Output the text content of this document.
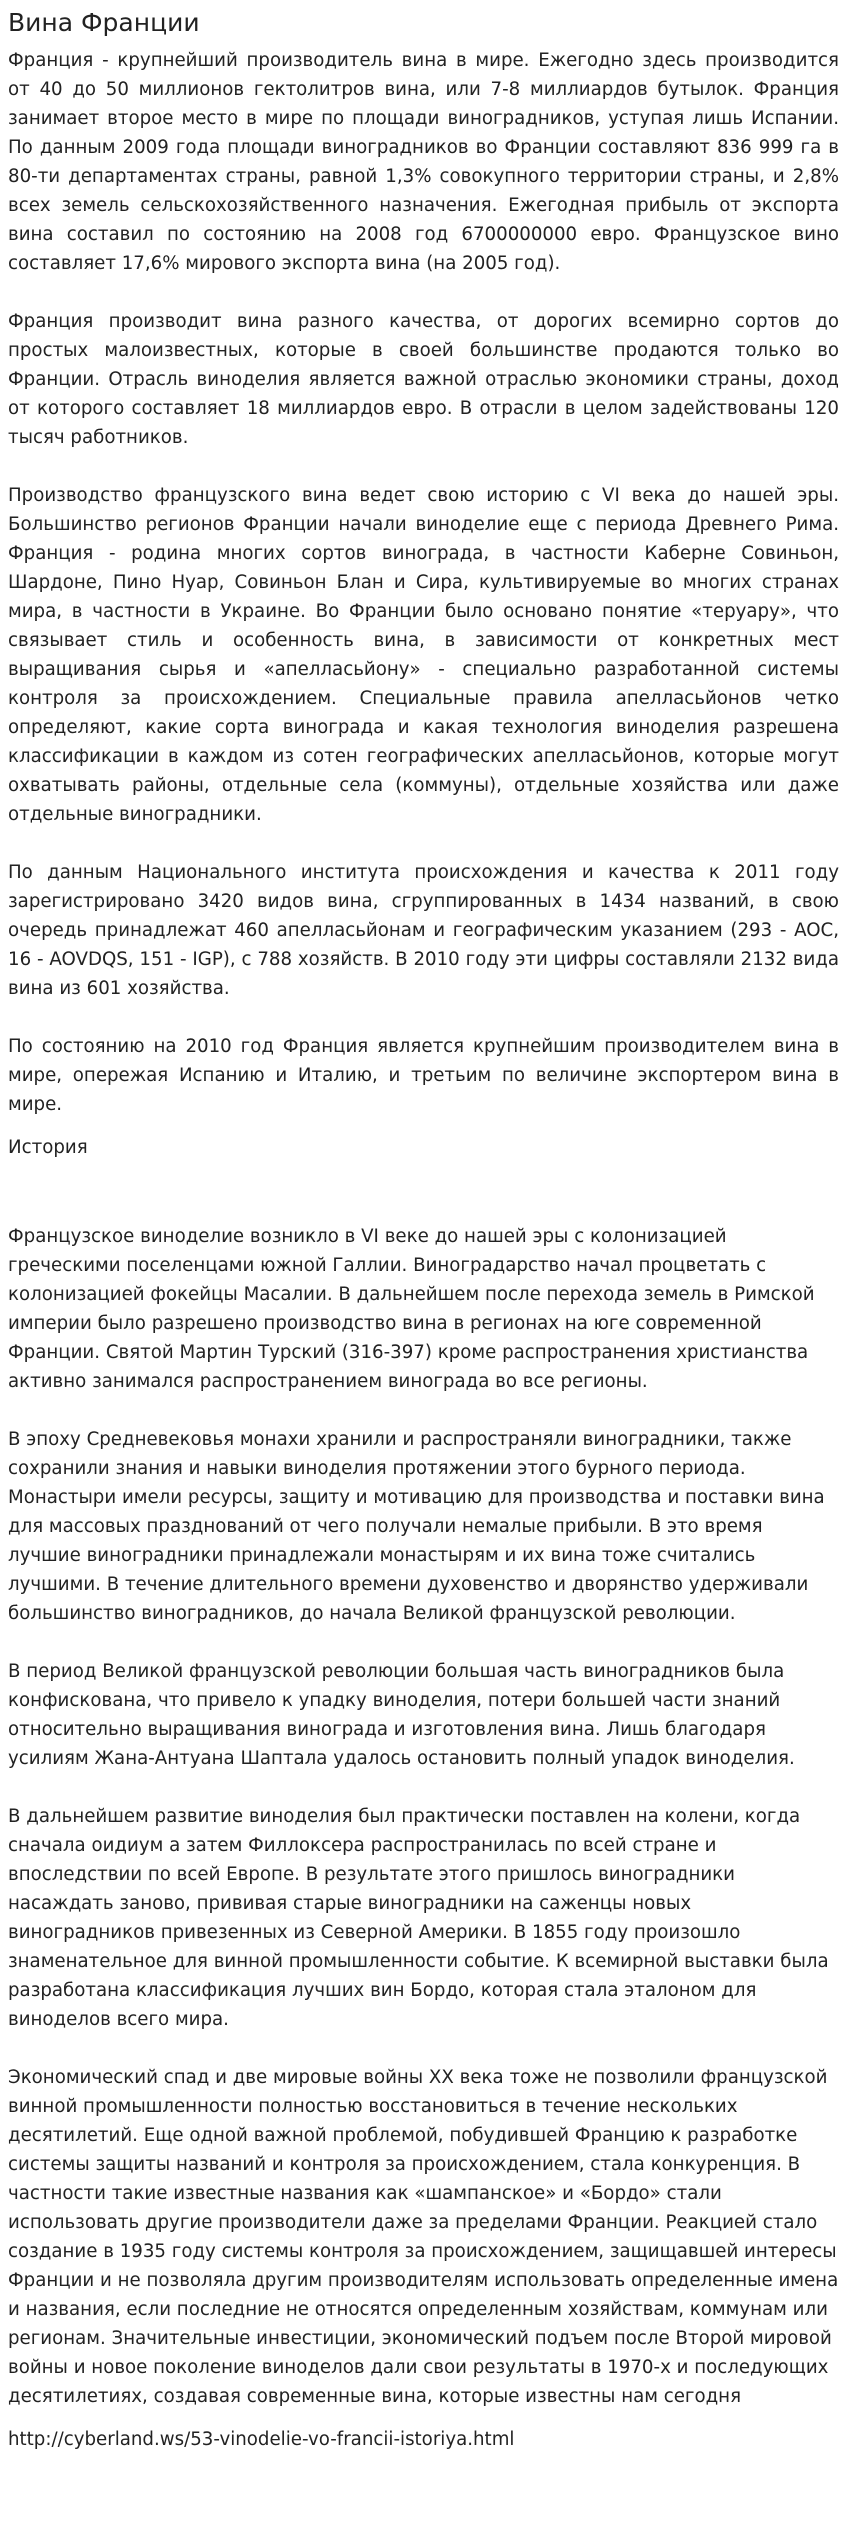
Вина Франции

Франция - крупнейший производитель вина в мире. Ежегодно здесь производится от 40 до 50 миллионов гектолитров вина, или 7-8 миллиардов бутылок. Франция занимает второе место в мире по площади виноградников, уступая лишь Испании. По данным 2009 года площади виноградников во Франции составляют 836 999 га в 80-ти департаментах страны, равной 1,3% совокупного территории страны, и 2,8% всех земель сельскохозяйственного назначения. Ежегодная прибыль от экспорта вина составил по состоянию на 2008 год 6700000000 евро. Французское вино составляет 17,6% мирового экспорта вина (на 2005 год).

Франция производит вина разного качества, от дорогих всемирно сортов до простых малоизвестных, которые в своей большинстве продаются только во Франции. Отрасль виноделия является важной отраслью экономики страны, доход от которого составляет 18 миллиардов евро. В отрасли в целом задействованы 120 тысяч работников.

Производство французского вина ведет свою историю с VI века до нашей эры. Большинство регионов Франции начали виноделие еще с периода Древнего Рима. Франция - родина многих сортов винограда, в частности Каберне Совиньон, Шардоне, Пино Нуар, Совиньон Блан и Сира, культивируемые во многих странах мира, в частности в Украине. Во Франции было основано понятие «теруару», что связывает стиль и особенность вина, в зависимости от конкретных мест выращивания сырья и «апелласьйону» - специально разработанной системы контроля за происхождением. Специальные правила апелласьйонов четко определяют, какие сорта винограда и какая технология виноделия разрешена классификации в каждом из сотен географических апелласьйонов, которые могут охватывать районы, отдельные села (коммуны), отдельные хозяйства или даже отдельные виноградники.

По данным Национального института происхождения и качества к 2011 году зарегистрировано 3420 видов вина, сгруппированных в 1434 названий, в свою очередь принадлежат 460 апелласьйонам и географическим указанием (293 - AOC, 16 - AOVDQS, 151 - IGP), с 788 хозяйств. В 2010 году эти цифры составляли 2132 вида вина из 601 хозяйства.

По состоянию на 2010 год Франция является крупнейшим производителем вина в мире, опережая Испанию и Италию, и третьим по величине экспортером вина в мире.

История

Французское виноделие возникло в VI веке до нашей эры с колонизацией греческими поселенцами южной Галлии. Виноградарство начал процветать с колонизацией фокейцы Масалии. В дальнейшем после перехода земель в Римской империи было разрешено производство вина в регионах на юге современной Франции. Святой Мартин Турский (316-397) кроме распространения христианства активно занимался распространением винограда во все регионы.

В эпоху Средневековья монахи хранили и распространяли виноградники, также сохранили знания и навыки виноделия протяжении этого бурного периода. Монастыри имели ресурсы, защиту и мотивацию для производства и поставки вина для массовых празднований от чего получали немалые прибыли. В это время лучшие виноградники принадлежали монастырям и их вина тоже считались лучшими. В течение длительного времени духовенство и дворянство удерживали большинство виноградников, до начала Великой французской революции.

В период Великой французской революции большая часть виноградников была конфискована, что привело к упадку виноделия, потери большей части знаний относительно выращивания винограда и изготовления вина. Лишь благодаря усилиям Жана-Антуана Шаптала удалось остановить полный упадок виноделия.

В дальнейшем развитие виноделия был практически поставлен на колени, когда сначала оидиум а затем Филлоксера распространилась по всей стране и впоследствии по всей Европе. В результате этого пришлось виноградники насаждать заново, прививая старые виноградники на саженцы новых виноградников привезенных из Северной Америки. В 1855 году произошло знаменательное для винной промышленности событие. К всемирной выставки была разработана классификация лучших вин Бордо, которая стала эталоном для виноделов всего мира.

Экономический спад и две мировые войны XX века тоже не позволили французской винной промышленности полностью восстановиться в течение нескольких десятилетий. Еще одной важной проблемой, побудившей Францию к разработке системы защиты названий и контроля за происхождением, стала конкуренция. В частности такие известные названия как «шампанское» и «Бордо» стали использовать другие производители даже за пределами Франции. Реакцией стало создание в 1935 году системы контроля за происхождением, защищавшей интересы Франции и не позволяла другим производителям использовать определенные имена и названия, если последние не относятся определенным хозяйствам, коммунам или регионам. Значительные инвестиции, экономический подъем после Второй мировой войны и новое поколение виноделов дали свои результаты в 1970-х и последующих десятилетиях, создавая современные вина, которые известны нам сегодня

http://cyberland.ws/53-vinodelie-vo-francii-istoriya.html
